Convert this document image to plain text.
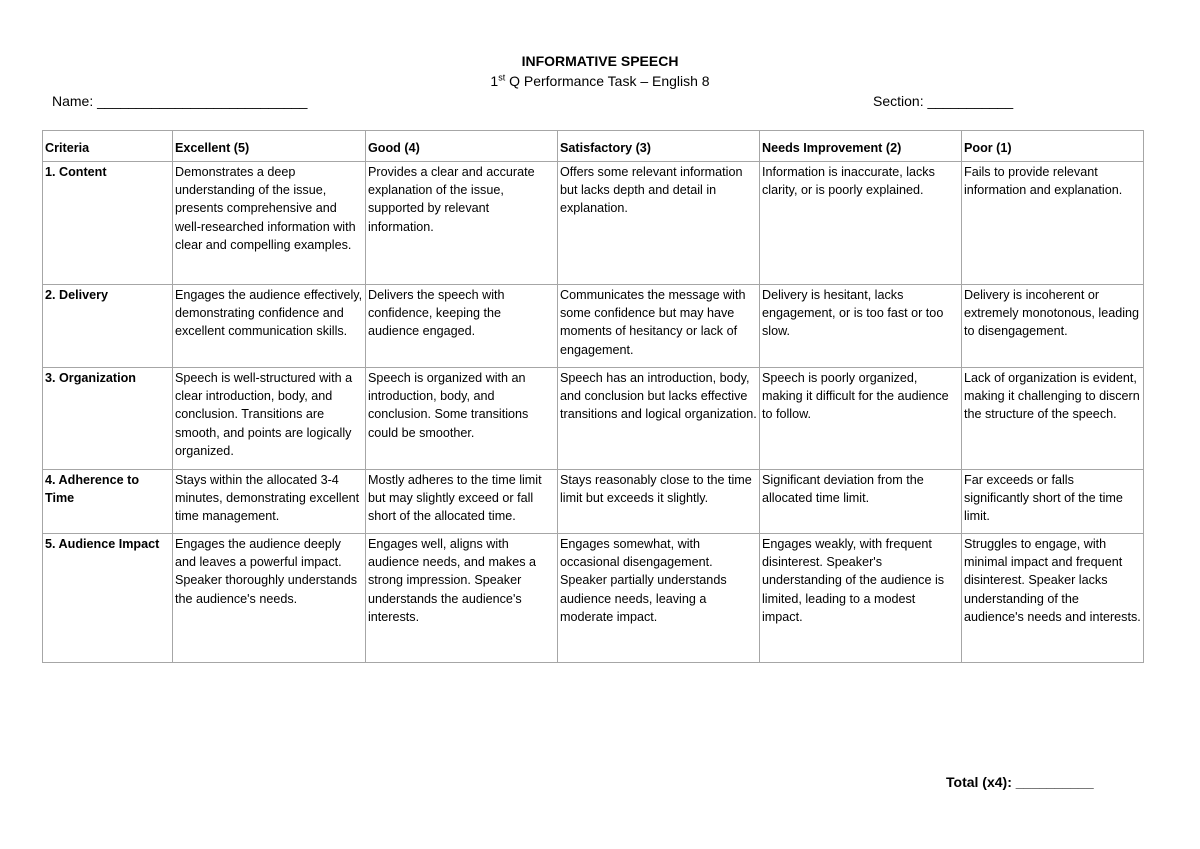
INFORMATIVE SPEECH
1st Q Performance Task – English 8
Name: ___________________________	Section: ___________
Criteria	Excellent (5)	Good (4)	Satisfactory (3)	Needs Improvement (2)	Poor (1)
1. Content	Demonstrates a deep understanding of the issue, presents comprehensive and well-researched information with clear and compelling examples.	Provides a clear and accurate explanation of the issue, supported by relevant information.	Offers some relevant information but lacks depth and detail in explanation.	Information is inaccurate, lacks clarity, or is poorly explained.	Fails to provide relevant information and explanation.
2. Delivery	Engages the audience effectively, demonstrating confidence and excellent communication skills.	Delivers the speech with confidence, keeping the audience engaged.	Communicates the message with some confidence but may have moments of hesitancy or lack of engagement.	Delivery is hesitant, lacks engagement, or is too fast or too slow.	Delivery is incoherent or extremely monotonous, leading to disengagement.
3. Organization	Speech is well-structured with a clear introduction, body, and conclusion. Transitions are smooth, and points are logically organized.	Speech is organized with an introduction, body, and conclusion. Some transitions could be smoother.	Speech has an introduction, body, and conclusion but lacks effective transitions and logical organization.	Speech is poorly organized, making it difficult for the audience to follow.	Lack of organization is evident, making it challenging to discern the structure of the speech.
4. Adherence to Time	Stays within the allocated 3-4 minutes, demonstrating excellent time management.	Mostly adheres to the time limit but may slightly exceed or fall short of the allocated time.	Stays reasonably close to the time limit but exceeds it slightly.	Significant deviation from the allocated time limit.	Far exceeds or falls significantly short of the time limit.
5. Audience Impact	Engages the audience deeply and leaves a powerful impact. Speaker thoroughly understands the audience's needs.	Engages well, aligns with audience needs, and makes a strong impression. Speaker understands the audience's interests.	Engages somewhat, with occasional disengagement. Speaker partially understands audience needs, leaving a moderate impact.	Engages weakly, with frequent disinterest. Speaker's understanding of the audience is limited, leading to a modest impact.	Struggles to engage, with minimal impact and frequent disinterest. Speaker lacks understanding of the audience's needs and interests.
Total (x4): __________
